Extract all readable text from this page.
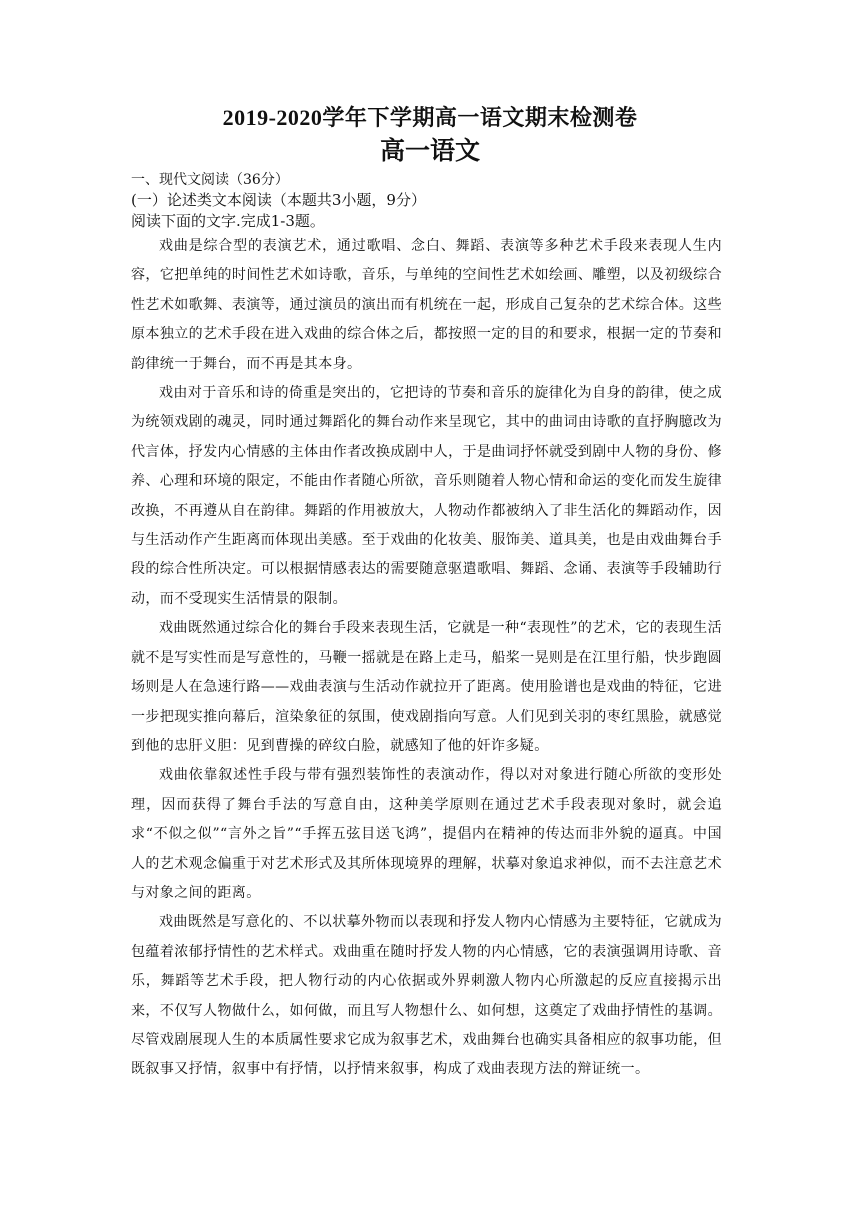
2019-2020学年下学期高一语文期末检测卷
高一语文
一、现代文阅读（36分）
(一）论述类文本阅读（本题共3小题，9分）
阅读下面的文字.完成1-3题。

戏曲是综合型的表演艺术，通过歌唱、念白、舞蹈、表演等多种艺术手段来表现人生内容，它把单纯的时间性艺术如诗歌，音乐，与单纯的空间性艺术如绘画、雕塑，以及初级综合性艺术如歌舞、表演等，通过演员的演出而有机统在一起，形成自己复杂的艺术综合体。这些原本独立的艺术手段在进入戏曲的综合体之后，都按照一定的目的和要求，根据一定的节奏和韵律统一于舞台，而不再是其本身。

戏由对于音乐和诗的倚重是突出的，它把诗的节奏和音乐的旋律化为自身的韵律，使之成为统领戏剧的魂灵，同时通过舞蹈化的舞台动作来呈现它，其中的曲词由诗歌的直抒胸臆改为代言体，抒发内心情感的主体由作者改换成剧中人，于是曲词抒怀就受到剧中人物的身份、修养、心理和环境的限定，不能由作者随心所欲，音乐则随着人物心情和命运的变化而发生旋律改换，不再遵从自在韵律。舞蹈的作用被放大，人物动作都被纳入了非生活化的舞蹈动作，因与生活动作产生距离而体现出美感。至于戏曲的化妆美、服饰美、道具美，也是由戏曲舞台手段的综合性所决定。可以根据情感表达的需要随意驱遣歌唱、舞蹈、念诵、表演等手段辅助行动，而不受现实生活情景的限制。

戏曲既然通过综合化的舞台手段来表现生活，它就是一种“表现性”的艺术，它的表现生活就不是写实性而是写意性的，马鞭一摇就是在路上走马，船桨一晃则是在江里行船，快步跑圆场则是人在急速行路——戏曲表演与生活动作就拉开了距离。使用脸谱也是戏曲的特征，它进一步把现实推向幕后，渲染象征的氛围，使戏剧指向写意。人们见到关羽的枣红黑脸，就感觉到他的忠肝义胆：见到曹操的碎纹白脸，就感知了他的奸诈多疑。

戏曲依靠叙述性手段与带有强烈装饰性的表演动作，得以对对象进行随心所欲的变形处理，因而获得了舞台手法的写意自由，这种美学原则在通过艺术手段表现对象时，就会追求“不似之似”“言外之旨”“手挥五弦目送飞鸿”，提倡内在精神的传达而非外貌的逼真。中国人的艺术观念偏重于对艺术形式及其所体现境界的理解，状摹对象追求神似，而不去注意艺术与对象之间的距离。

戏曲既然是写意化的、不以状摹外物而以表现和抒发人物内心情感为主要特征，它就成为包蕴着浓郁抒情性的艺术样式。戏曲重在随时抒发人物的内心情感，它的表演强调用诗歌、音乐，舞蹈等艺术手段，把人物行动的内心依据或外界刺激人物内心所激起的反应直接揭示出来，不仅写人物做什么，如何做，而且写人物想什么、如何想，这奠定了戏曲抒情性的基调。尽管戏剧展现人生的本质属性要求它成为叙事艺术，戏曲舞台也确实具备相应的叙事功能，但既叙事又抒情，叙事中有抒情，以抒情来叙事，构成了戏曲表现方法的辩证统一。
